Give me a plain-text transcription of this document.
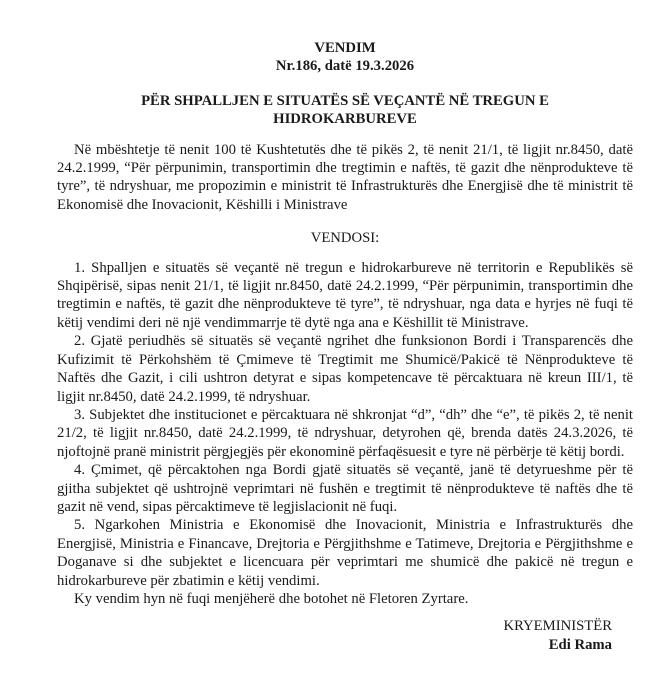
VENDIM
Nr.186, datë 19.3.2026
PËR SHPALLJEN E SITUATËS SË VEÇANTË NË TREGUN E
HIDROKARBUREVE

Në mbështetje të nenit 100 të Kushtetutës dhe të pikës 2, të nenit 21/1, të ligjit nr.8450, datë 24.2.1999, “Për përpunimin, transportimin dhe tregtimin e naftës, të gazit dhe nënprodukteve të tyre”, të ndryshuar, me propozimin e ministrit të Infrastrukturës dhe Energjisë dhe të ministrit të Ekonomisë dhe Inovacionit, Këshilli i Ministrave

VENDOSI:

1. Shpalljen e situatës së veçantë në tregun e hidrokarbureve në territorin e Republikës së Shqipërisë, sipas nenit 21/1, të ligjit nr.8450, datë 24.2.1999, “Për përpunimin, transportimin dhe tregtimin e naftës, të gazit dhe nënprodukteve të tyre”, të ndryshuar, nga data e hyrjes në fuqi të këtij vendimi deri në një vendimmarrje të dytë nga ana e Këshillit të Ministrave.

2. Gjatë periudhës së situatës së veçantë ngrihet dhe funksionon Bordi i Transparencës dhe Kufizimit të Përkohshëm të Çmimeve të Tregtimit me Shumicë/Pakicë të Nënprodukteve të Naftës dhe Gazit, i cili ushtron detyrat e sipas kompetencave të përcaktuara në kreun III/1, të ligjit nr.8450, datë 24.2.1999, të ndryshuar.

3. Subjektet dhe institucionet e përcaktuara në shkronjat “d”, “dh” dhe “e”, të pikës 2, të nenit 21/2, të ligjit nr.8450, datë 24.2.1999, të ndryshuar, detyrohen që, brenda datës 24.3.2026, të njoftojnë pranë ministrit përgjegjës për ekonominë përfaqësuesit e tyre në përbërje të këtij bordi.

4. Çmimet, që përcaktohen nga Bordi gjatë situatës së veçantë, janë të detyrueshme për të gjitha subjektet që ushtrojnë veprimtari në fushën e tregtimit të nënprodukteve të naftës dhe të gazit në vend, sipas përcaktimeve të legjislacionit në fuqi.

5. Ngarkohen Ministria e Ekonomisë dhe Inovacionit, Ministria e Infrastrukturës dhe Energjisë, Ministria e Financave, Drejtoria e Përgjithshme e Tatimeve, Drejtoria e Përgjithshme e Doganave si dhe subjektet e licencuara për veprimtari me shumicë dhe pakicë në tregun e hidrokarbureve për zbatimin e këtij vendimi.

Ky vendim hyn në fuqi menjëherë dhe botohet në Fletoren Zyrtare.

KRYEMINISTËR
Edi Rama
